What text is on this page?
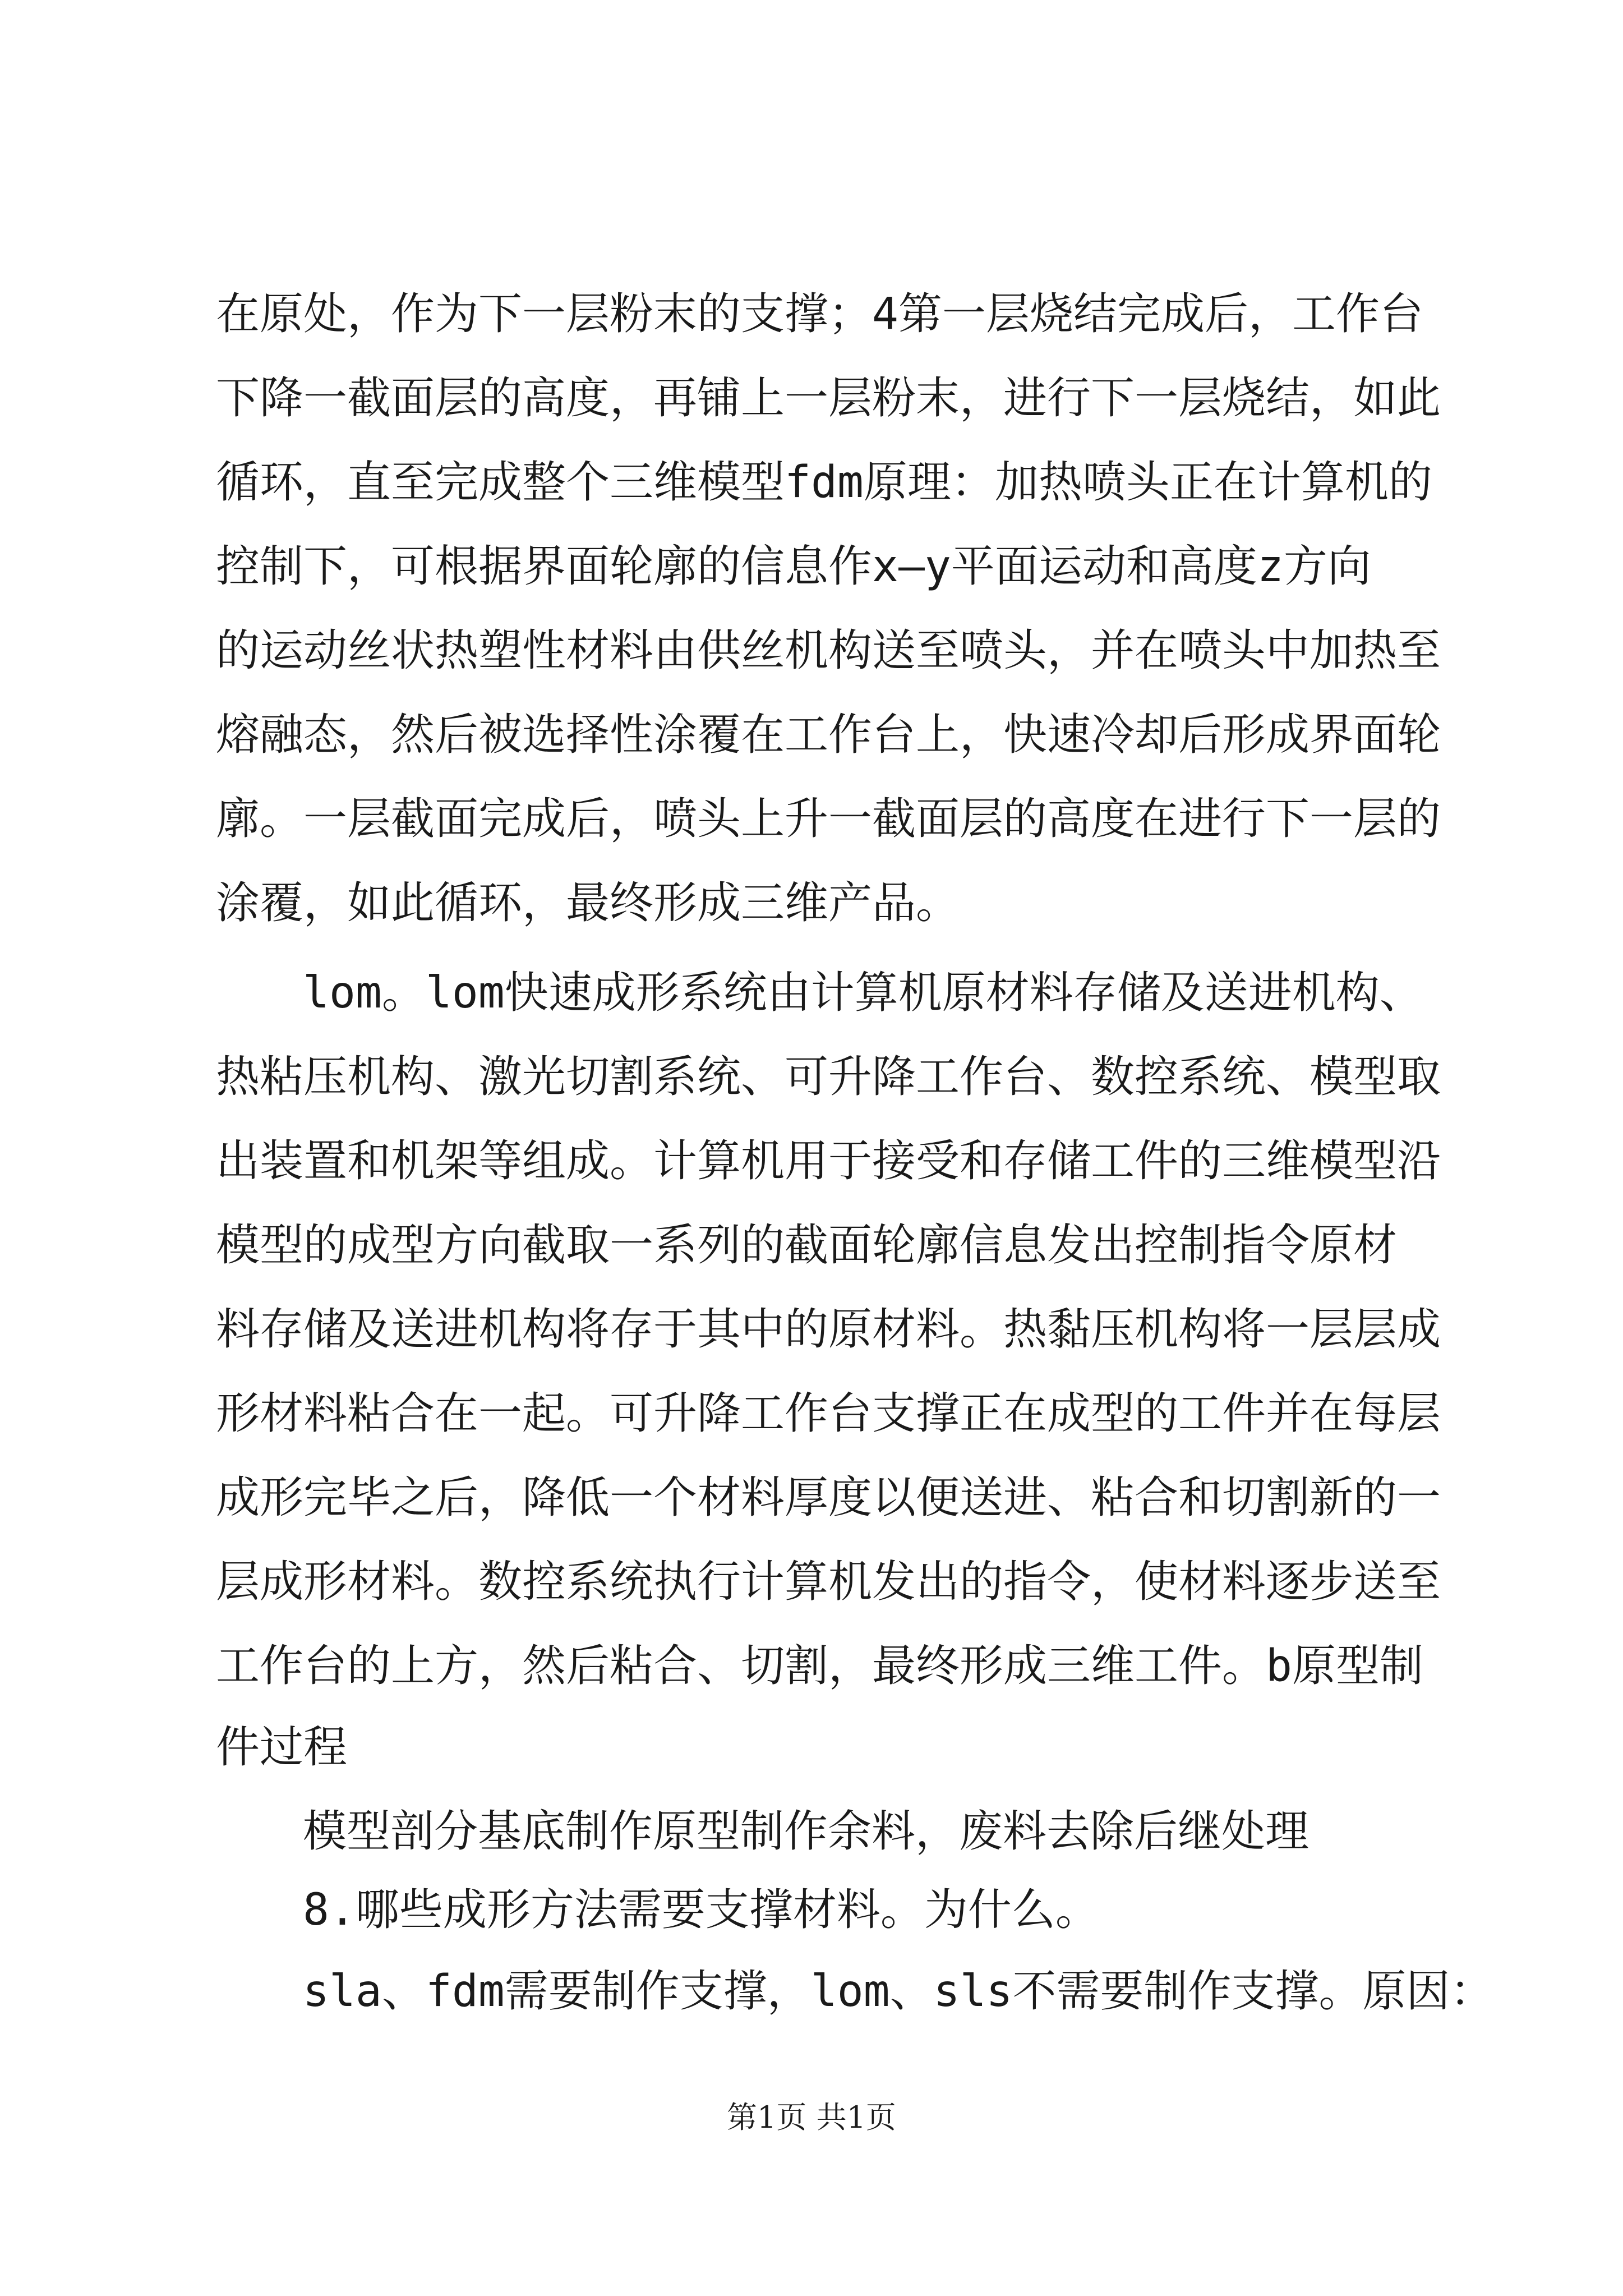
在原处，作为下一层粉末的支撑；4第一层烧结完成后，工作台
下降一截面层的高度，再铺上一层粉末，进行下一层烧结，如此
循环，直至完成整个三维模型fdm原理：加热喷头正在计算机的
控制下，可根据界面轮廓的信息作x—y平面运动和高度z方向
的运动丝状热塑性材料由供丝机构送至喷头，并在喷头中加热至
熔融态，然后被选择性涂覆在工作台上，快速冷却后形成界面轮
廓。一层截面完成后，喷头上升一截面层的高度在进行下一层的
涂覆，如此循环，最终形成三维产品。
lom。lom快速成形系统由计算机原材料存储及送进机构、
热粘压机构、激光切割系统、可升降工作台、数控系统、模型取
出装置和机架等组成。计算机用于接受和存储工件的三维模型沿
模型的成型方向截取一系列的截面轮廓信息发出控制指令原材
料存储及送进机构将存于其中的原材料。热黏压机构将一层层成
形材料粘合在一起。可升降工作台支撑正在成型的工件并在每层
成形完毕之后，降低一个材料厚度以便送进、粘合和切割新的一
层成形材料。数控系统执行计算机发出的指令，使材料逐步送至
工作台的上方，然后粘合、切割，最终形成三维工件。b原型制
件过程
模型剖分基底制作原型制作余料，废料去除后继处理
8.哪些成形方法需要支撑材料。为什么。
sla、fdm需要制作支撑，lom、sls不需要制作支撑。原因：
第1页 共1页
